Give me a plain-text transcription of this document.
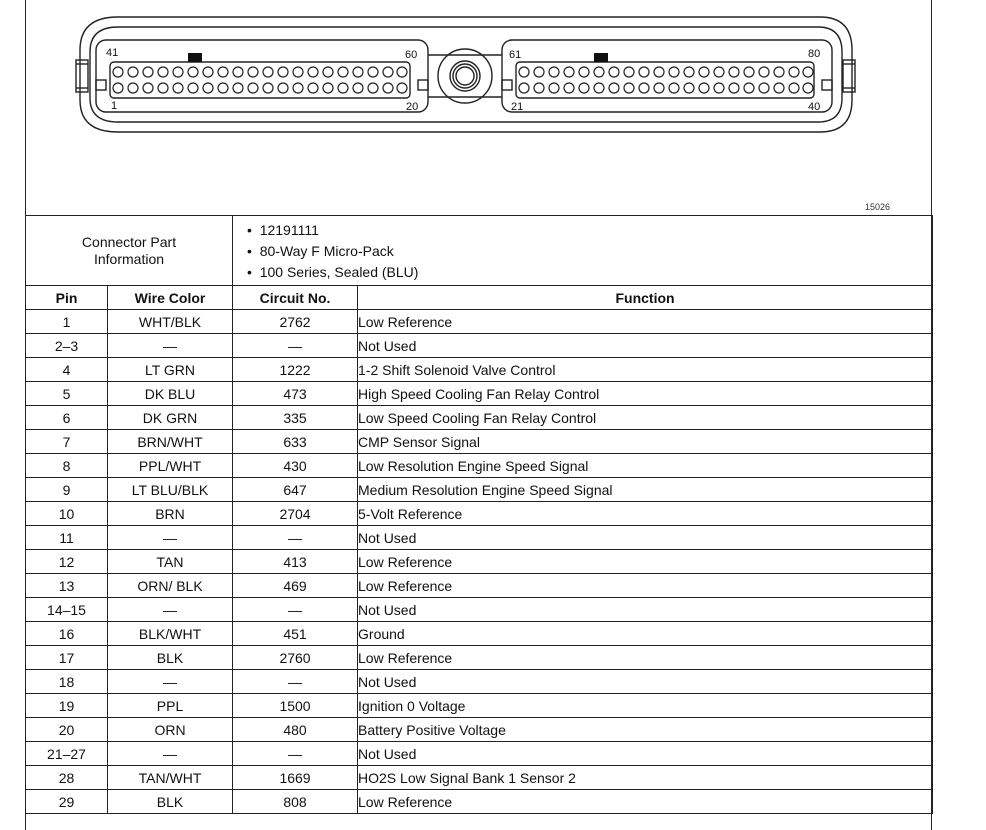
41	60
1	20
61	80
21	40
15026
Connector Part
Information

•  12191111
•  80-Way F Micro-Pack
•  100 Series, Sealed (BLU)

Pin	Wire Color	Circuit No.	Function
1	WHT/BLK	2762	Low Reference
2–3	—	—	Not Used
4	LT GRN	1222	1-2 Shift Solenoid Valve Control
5	DK BLU	473	High Speed Cooling Fan Relay Control
6	DK GRN	335	Low Speed Cooling Fan Relay Control
7	BRN/WHT	633	CMP Sensor Signal
8	PPL/WHT	430	Low Resolution Engine Speed Signal
9	LT BLU/BLK	647	Medium Resolution Engine Speed Signal
10	BRN	2704	5-Volt Reference
11	—	—	Not Used
12	TAN	413	Low Reference
13	ORN/ BLK	469	Low Reference
14–15	—	—	Not Used
16	BLK/WHT	451	Ground
17	BLK	2760	Low Reference
18	—	—	Not Used
19	PPL	1500	Ignition 0 Voltage
20	ORN	480	Battery Positive Voltage
21–27	—	—	Not Used
28	TAN/WHT	1669	HO2S Low Signal Bank 1 Sensor 2
29	BLK	808	Low Reference
